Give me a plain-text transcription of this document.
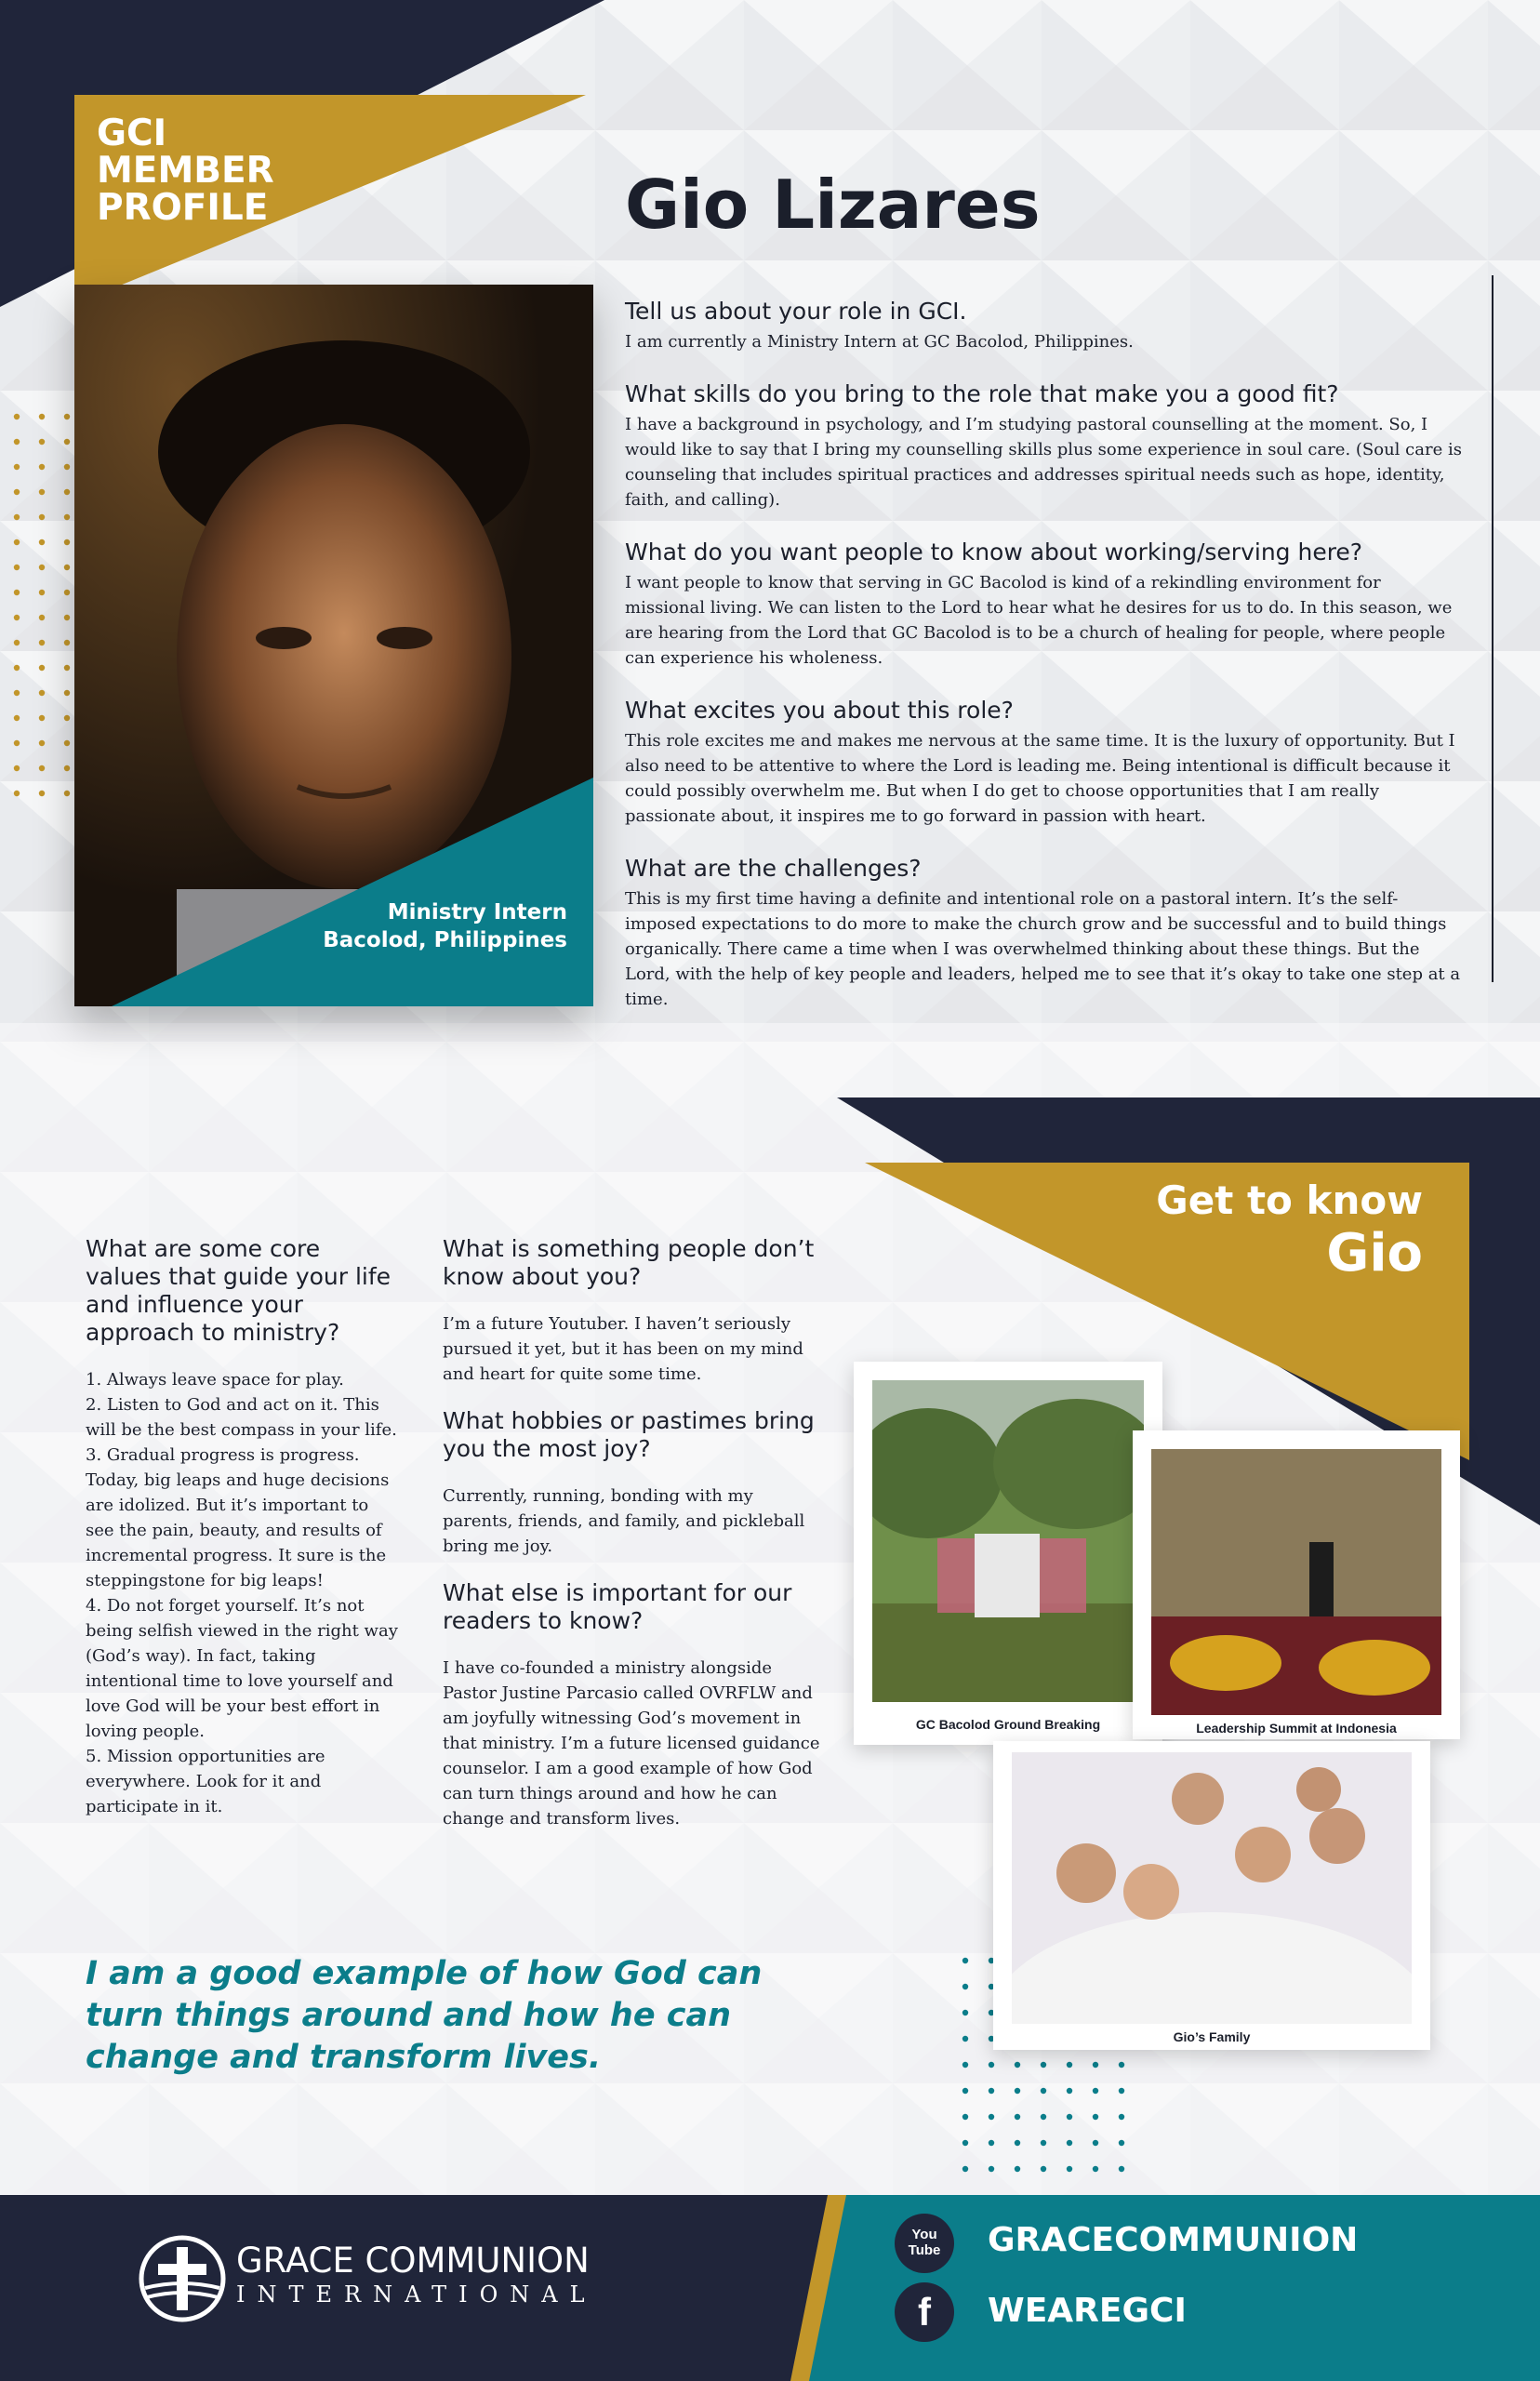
GCI
MEMBER
PROFILE	Gio Lizares
Ministry Intern
Bacolod, Philippines
Tell us about your role in GCI.

I am currently a Ministry Intern at GC Bacolod, Philippines.

What skills do you bring to the role that make you a good fit?

I have a background in psychology, and I’m studying pastoral counselling at the moment. So, I would like to say that I bring my counselling skills plus some experience in soul care. (Soul care is counseling that includes spiritual practices and addresses spiritual needs such as hope, identity, faith, and calling).

What do you want people to know about working/serving here?

I want people to know that serving in GC Bacolod is kind of a rekindling environment for missional living. We can listen to the Lord to hear what he desires for us to do. In this season, we are hearing from the Lord that GC Bacolod is to be a church of healing for people, where people can experience his wholeness.

What excites you about this role?

This role excites me and makes me nervous at the same time. It is the luxury of opportunity. But I also need to be attentive to where the Lord is leading me. Being intentional is difficult because it could possibly overwhelm me. But when I do get to choose opportunities that I am really passionate about, it inspires me to go forward in passion with heart.

What are the challenges?

This is my first time having a definite and intentional role on a pastoral intern. It’s the self-imposed expectations to do more to make the church grow and be successful and to build things organically. There came a time when I was overwhelmed thinking about these things. But the Lord, with the help of key people and leaders, helped me to see that it’s okay to take one step at a time.

Get to know
Gio
What are some core values that guide your life and influence your approach to ministry?

1. Always leave space for play.
2. Listen to God and act on it. This will be the best compass in your life.
3. Gradual progress is progress. Today, big leaps and huge decisions are idolized. But it’s important to see the pain, beauty, and results of incremental progress. It sure is the steppingstone for big leaps!
4. Do not forget yourself. It’s not being selfish viewed in the right way (God’s way). In fact, taking intentional time to love yourself and love God will be your best effort in loving people.
5. Mission opportunities are everywhere. Look for it and participate in it.

What is something people don’t know about you?

I’m a future Youtuber. I haven’t seriously pursued it yet, but it has been on my mind and heart for quite some time.

What hobbies or pastimes bring you the most joy?

Currently, running, bonding with my parents, friends, and family, and pickleball bring me joy.

What else is important for our readers to know?

I have co-founded a ministry alongside Pastor Justine Parcasio called OVRFLW and am joyfully witnessing God’s movement in that ministry. I’m a future licensed guidance counselor. I am a good example of how God can turn things around and how he can change and transform lives.

I am a good example of how God can turn things around and how he can change and transform lives.
GC Bacolod Ground Breaking	Leadership Summit at Indonesia
Gio’s Family
GRACE COMMUNION
INTERNATIONAL
You
Tube	GRACECOMMUNION
f	WEAREGCI
